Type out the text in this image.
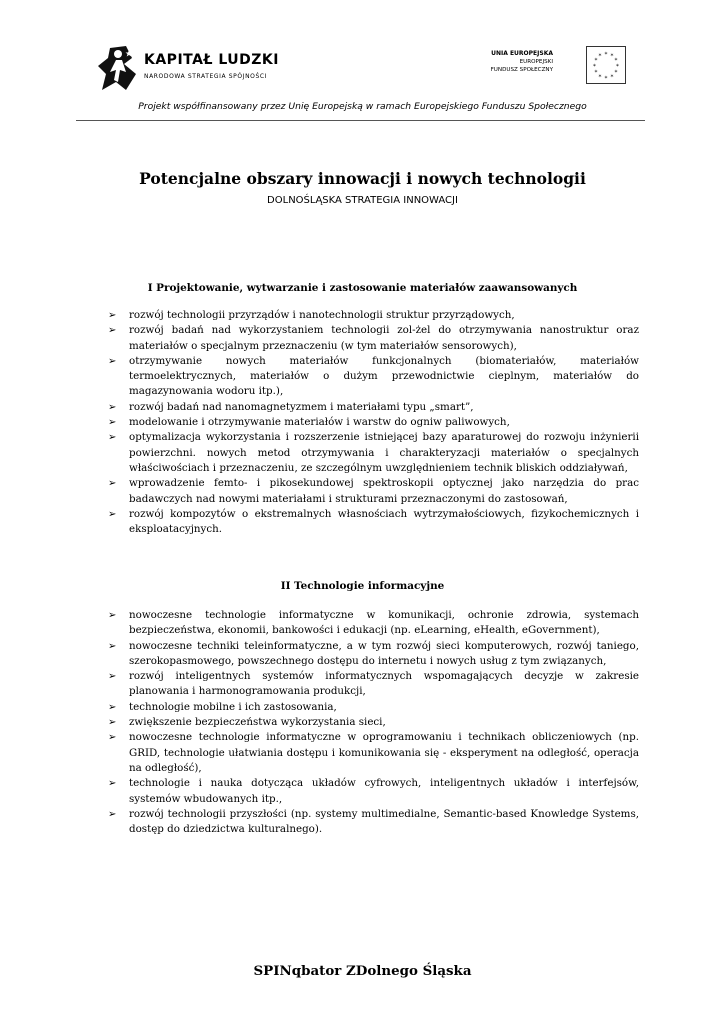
KAPITAŁ LUDZKI
NARODOWA STRATEGIA SPÓJNOŚCI
UNIA EUROPEJSKA
EUROPEJSKI
FUNDUSZ SPOŁECZNY
✶ ✶
✶
✶
✶
✶
✶
✶
✶
✶
✶
✶
Projekt współfinansowany przez Unię Europejską w ramach Europejskiego Funduszu Społecznego
Potencjalne obszary innowacji i nowych technologii
DOLNOŚLĄSKA STRATEGIA INNOWACJI
I Projektowanie, wytwarzanie i zastosowanie materiałów zaawansowanych
➢ rozwój technologii przyrządów i nanotechnologii struktur przyrządowych,
➢ rozwój badań nad wykorzystaniem technologii zol-żel do otrzymywania nanostruktur oraz materiałów o specjalnym przeznaczeniu (w tym materiałów sensorowych),
➢ otrzymywanie nowych materiałów funkcjonalnych (biomateriałów, materiałów termoelektrycznych, materiałów o dużym przewodnictwie cieplnym, materiałów do magazynowania wodoru itp.),
➢ rozwój badań nad nanomagnetyzmem i materiałami typu „smart”,
➢ modelowanie i otrzymywanie materiałów i warstw do ogniw paliwowych,
➢ optymalizacja wykorzystania i rozszerzenie istniejącej bazy aparaturowej do rozwoju inżynierii powierzchni. nowych metod otrzymywania i charakteryzacji materiałów o specjalnych właściwościach i przeznaczeniu, ze szczególnym uwzględnieniem technik bliskich oddziaływań,
➢ wprowadzenie femto- i pikosekundowej spektroskopii optycznej jako narzędzia do prac badawczych nad nowymi materiałami i strukturami przeznaczonymi do zastosowań,
➢ rozwój kompozytów o ekstremalnych własnościach wytrzymałościowych, fizykochemicznych i eksploatacyjnych.
II Technologie informacyjne
➢ nowoczesne technologie informatyczne w komunikacji, ochronie zdrowia, systemach bezpieczeństwa, ekonomii, bankowości i edukacji (np. eLearning, eHealth, eGovernment),
➢ nowoczesne techniki teleinformatyczne, a w tym rozwój sieci komputerowych, rozwój taniego, szerokopasmowego, powszechnego dostępu do internetu i nowych usług z tym związanych,
➢ rozwój inteligentnych systemów informatycznych wspomagających decyzje w zakresie planowania i harmonogramowania produkcji,
➢ technologie mobilne i ich zastosowania,
➢ zwiększenie bezpieczeństwa wykorzystania sieci,
➢ nowoczesne technologie informatyczne w oprogramowaniu i technikach obliczeniowych (np. GRID, technologie ułatwiania dostępu i komunikowania się - eksperyment na odległość, operacja na odległość),
➢ technologie i nauka dotycząca układów cyfrowych, inteligentnych układów i interfejsów, systemów wbudowanych itp.,
➢ rozwój technologii przyszłości (np. systemy multimedialne, Semantic-based Knowledge Systems, dostęp do dziedzictwa kulturalnego).
SPINqbator ZDolnego Śląska
